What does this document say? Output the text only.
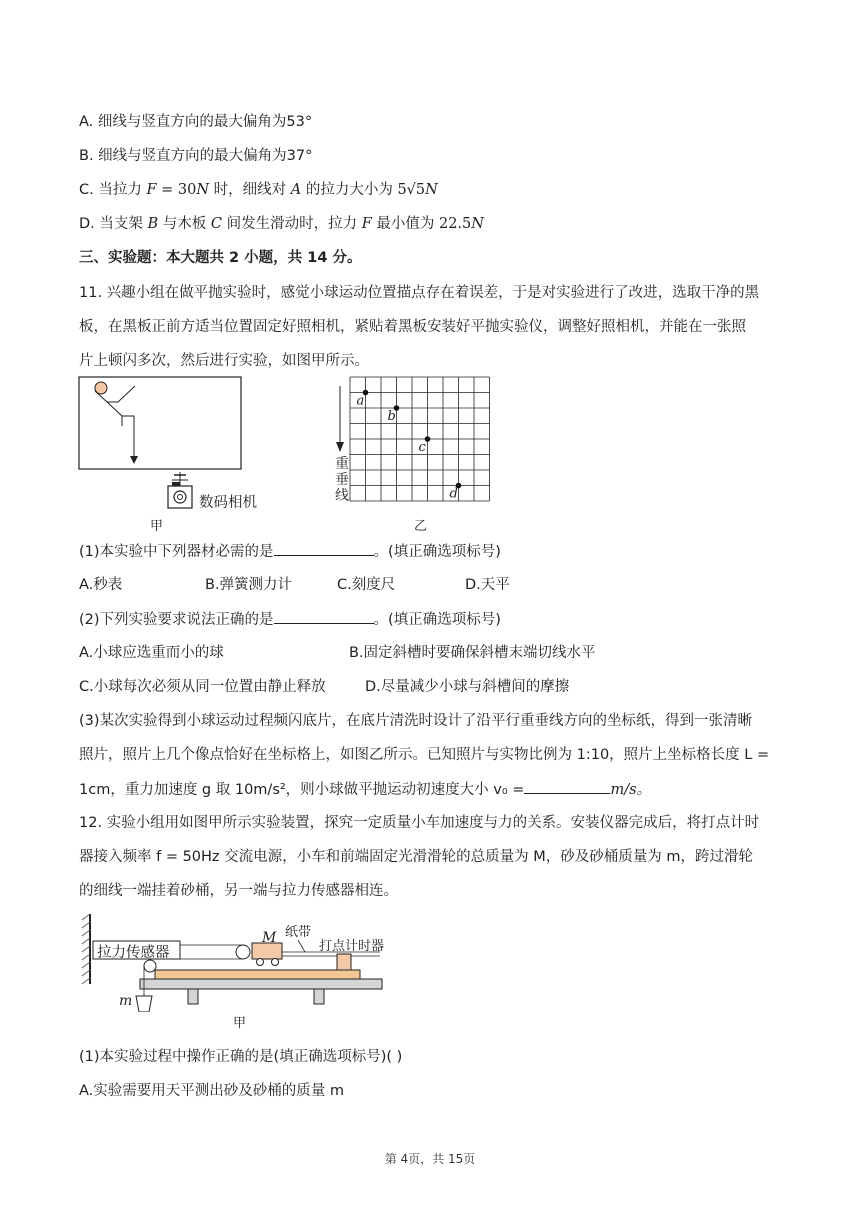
A. 细线与竖直方向的最大偏角为53°
B. 细线与竖直方向的最大偏角为37°
C. 当拉力 F = 30N 时，细线对 A 的拉力大小为 5√5N
D. 当支架 B 与木板 C 间发生滑动时，拉力 F 最小值为 22.5N
三、实验题：本大题共 2 小题，共 14 分。
11. 兴趣小组在做平抛实验时，感觉小球运动位置描点存在着误差，于是对实验进行了改进，选取干净的黑
板，在黑板正前方适当位置固定好照相机，紧贴着黑板安装好平抛实验仪，调整好照相机，并能在一张照
片上顿闪多次，然后进行实验，如图甲所示。
数码相机
甲
a
b
c
d
重
垂
线
乙
(1)本实验中下列器材必需的是	。(填正确选项标号)
A.秒表	B.弹簧测力计	C.刻度尺	D.天平
(2)下列实验要求说法正确的是	。(填正确选项标号)
A.小球应选重而小的球	B.固定斜槽时要确保斜槽末端切线水平
C.小球每次必须从同一位置由静止释放	D.尽量减少小球与斜槽间的摩擦
(3)某次实验得到小球运动过程频闪底片，在底片清洗时设计了沿平行重垂线方向的坐标纸，得到一张清晰
照片，照片上几个像点恰好在坐标格上，如图乙所示。已知照片与实物比例为 1:10，照片上坐标格长度 L =
1cm，重力加速度 g 取 10m/s²，则小球做平抛运动初速度大小 v₀ =	m/s。
12. 实验小组用如图甲所示实验装置，探究一定质量小车加速度与力的关系。安装仪器完成后，将打点计时
器接入频率 f = 50Hz 交流电源，小车和前端固定光滑滑轮的总质量为 M，砂及砂桶质量为 m，跨过滑轮
的细线一端挂着砂桶，另一端与拉力传感器相连。
拉力传感器
M 纸带
打点计时器
m
甲
(1)本实验过程中操作正确的是(填正确选项标号)( )
A.实验需要用天平测出砂及砂桶的质量 m
第 4页，共 15页
